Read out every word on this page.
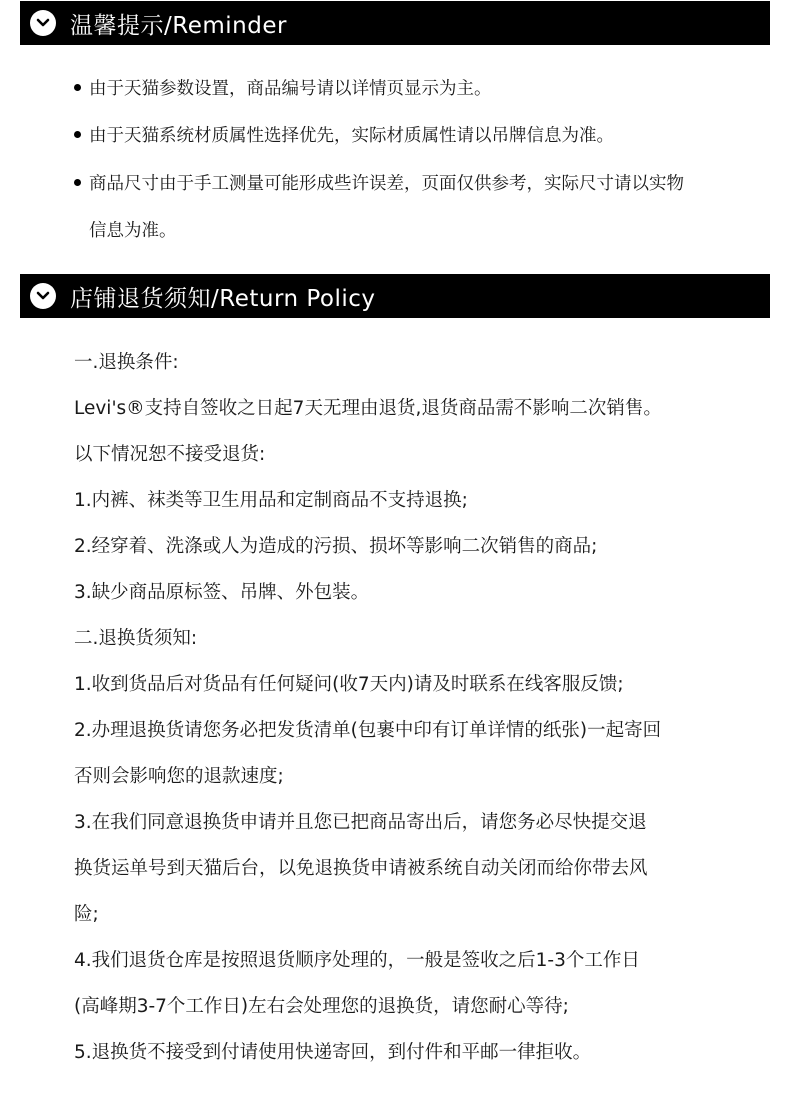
温馨提示/Reminder
由于天猫参数设置，商品编号请以详情页显示为主。
由于天猫系统材质属性选择优先，实际材质属性请以吊牌信息为准。
商品尺寸由于手工测量可能形成些许误差，页面仅供参考，实际尺寸请以实物
信息为准。
店铺退货须知/Return Policy
一.退换条件:
Levi's®支持自签收之日起7天无理由退货,退货商品需不影响二次销售。
以下情况恕不接受退货:
1.内裤、袜类等卫生用品和定制商品不支持退换;
2.经穿着、洗涤或人为造成的污损、损坏等影响二次销售的商品;
3.缺少商品原标签、吊牌、外包装。
二.退换货须知:
1.收到货品后对货品有任何疑问(收7天内)请及时联系在线客服反馈;
2.办理退换货请您务必把发货清单(包裹中印有订单详情的纸张)一起寄回
否则会影响您的退款速度;
3.在我们同意退换货申请并且您已把商品寄出后，请您务必尽快提交退
换货运单号到天猫后台，以免退换货申请被系统自动关闭而给你带去风
险;
4.我们退货仓库是按照退货顺序处理的，一般是签收之后1-3个工作日
(高峰期3-7个工作日)左右会处理您的退换货，请您耐心等待;
5.退换货不接受到付请使用快递寄回，到付件和平邮一律拒收。
